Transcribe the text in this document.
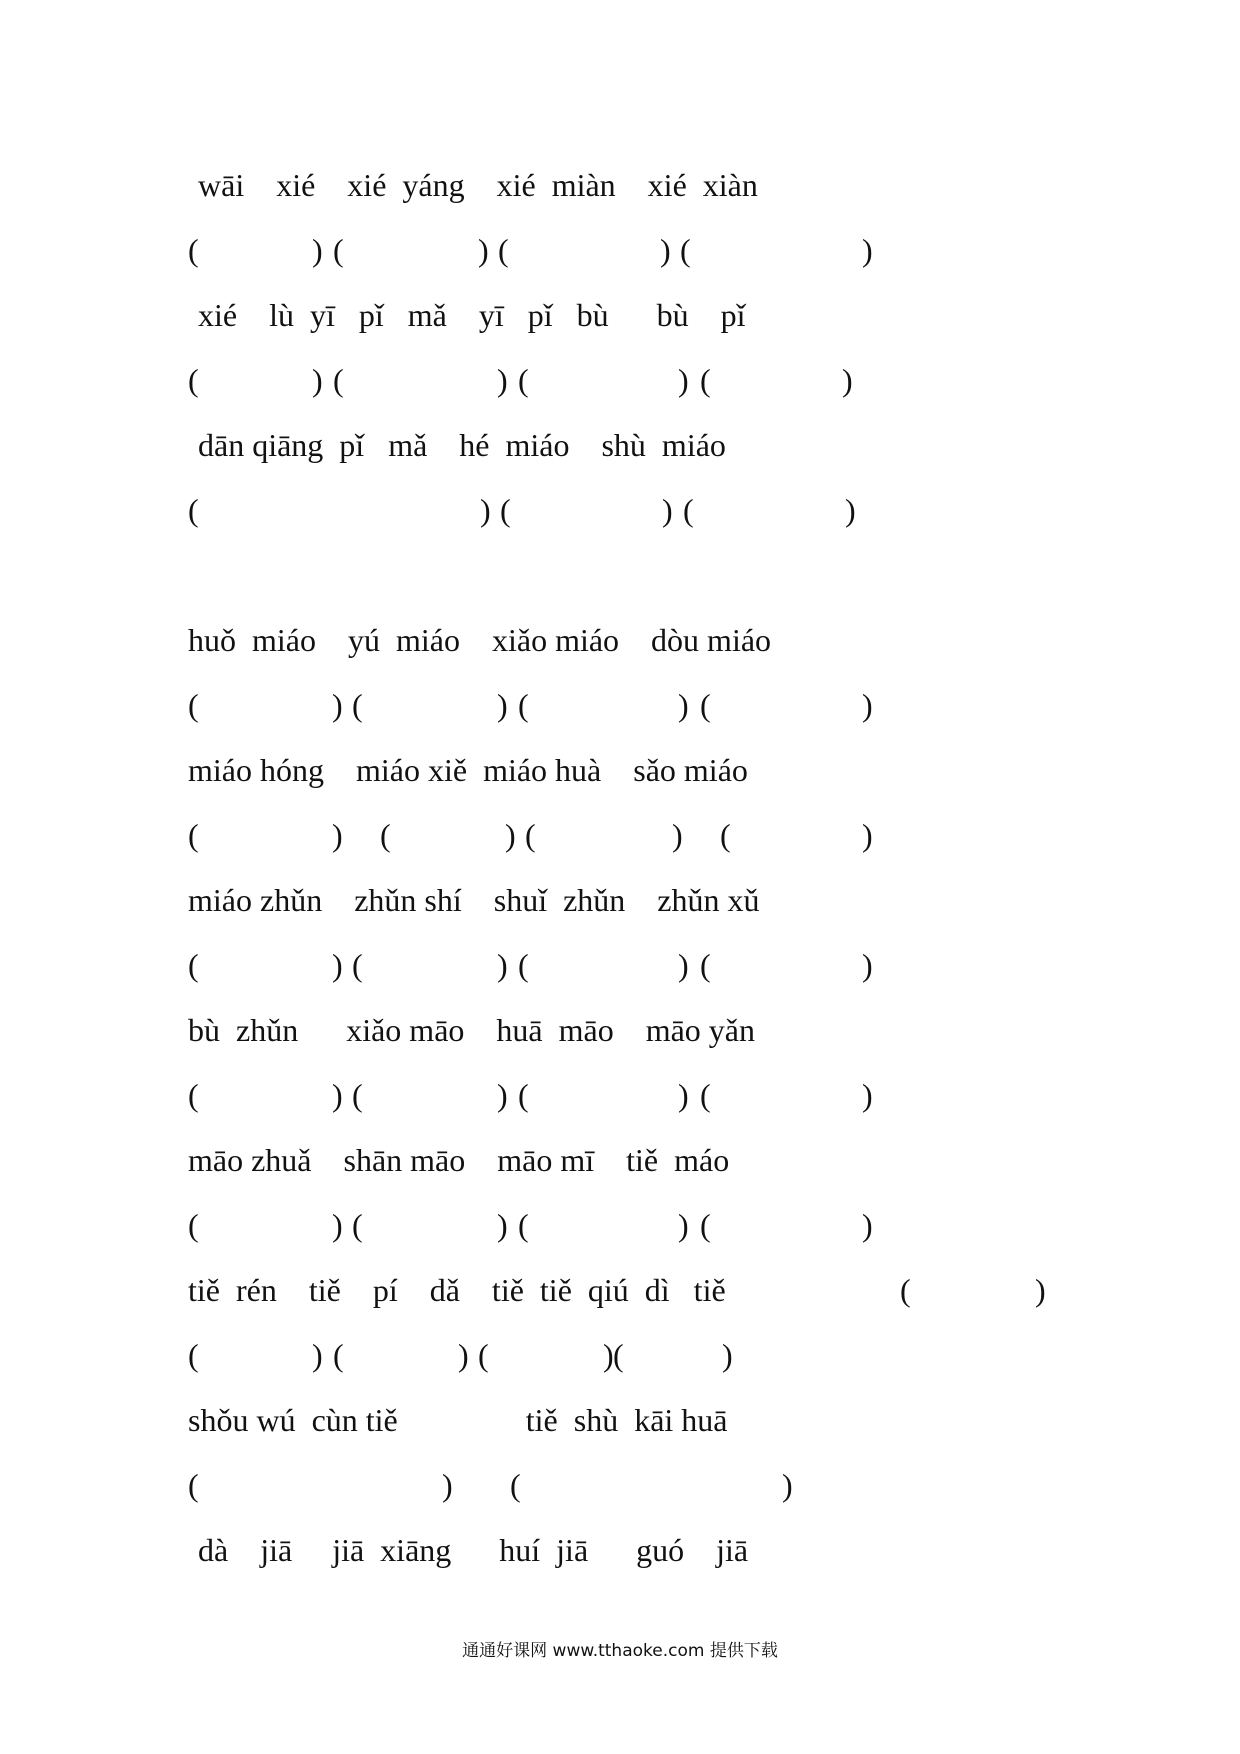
wāi    xié    xié  yáng    xié  miàn    xié  xiàn
(	) (	) (	) (	)
xié    lù  yī   pǐ   mǎ    yī   pǐ   bù      bù    pǐ
(	) (	) (	) (	)
dān qiāng  pǐ   mǎ    hé  miáo    shù  miáo
(	) (	) (	)
huǒ  miáo    yú  miáo    xiǎo miáo    dòu miáo
(	) (	) (	) (	)
miáo hóng    miáo xiě  miáo huà    sǎo miáo
(	) (	) (	) (	)
miáo zhǔn    zhǔn shí    shuǐ  zhǔn    zhǔn xǔ
(	) (	) (	) (	)
bù  zhǔn      xiǎo māo    huā  māo    māo yǎn
(	) (	) (	) (	)
māo zhuǎ    shān māo    māo mī    tiě  máo
(	) (	) (	) (	)
tiě  rén    tiě    pí    dǎ    tiě  tiě  qiú  dì   tiě	(	)
(	) (	) (	) (	)
shǒu wú  cùn tiě                tiě  shù  kāi huā
(	) (	)
dà    jiā     jiā  xiāng      huí  jiā      guó    jiā
通通好课网 www.tthaoke.com 提供下载
